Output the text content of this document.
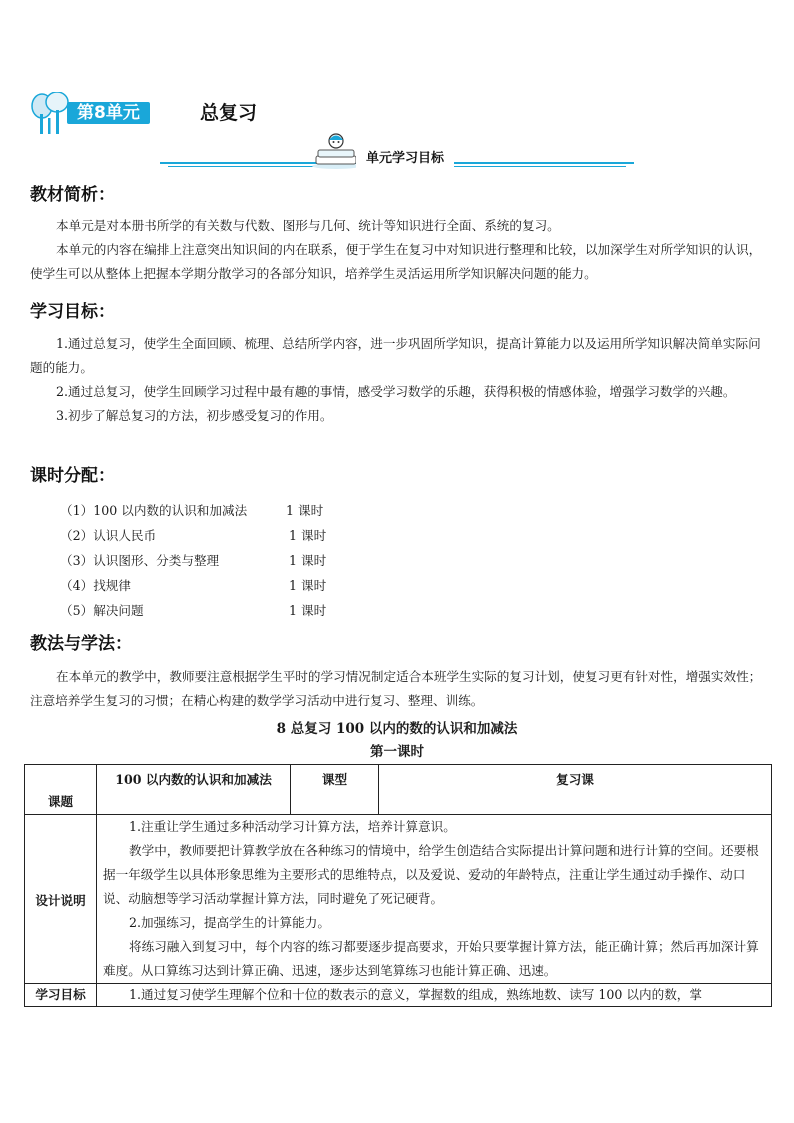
第8单元	总复习
单元学习目标
教材简析：

本单元是对本册书所学的有关数与代数、图形与几何、统计等知识进行全面、系统的复习。

本单元的内容在编排上注意突出知识间的内在联系，便于学生在复习中对知识进行整理和比较，以加深学生对所学知识的认识，使学生可以从整体上把握本学期分散学习的各部分知识，培养学生灵活运用所学知识解决问题的能力。

学习目标：

1.通过总复习，使学生全面回顾、梳理、总结所学内容，进一步巩固所学知识，提高计算能力以及运用所学知识解决简单实际问题的能力。

2.通过总复习，使学生回顾学习过程中最有趣的事情，感受学习数学的乐趣，获得积极的情感体验，增强学习数学的兴趣。

3.初步了解总复习的方法，初步感受复习的作用。

课时分配：
（1）100 以内数的认识和加减法	1 课时
（2）认识人民币	1 课时
（3）认识图形、分类与整理	1 课时
（4）找规律	1 课时
（5）解决问题	1 课时
教法与学法：

在本单元的教学中，教师要注意根据学生平时的学习情况制定适合本班学生实际的复习计划，使复习更有针对性，增强实效性；注意培养学生复习的习惯；在精心构建的数学学习活动中进行复习、整理、训练。

8 总复习 100 以内的数的认识和加减法
第一课时
课题	100 以内数的认识和加减法	课型	复习课
设计说明	1.注重让学生通过多种活动学习计算方法，培养计算意识。

教学中，教师要把计算教学放在各种练习的情境中，给学生创造结合实际提出计算问题和进行计算的空间。还要根据一年级学生以具体形象思维为主要形式的思维特点，以及爱说、爱动的年龄特点，注重让学生通过动手操作、动口说、动脑想等学习活动掌握计算方法，同时避免了死记硬背。

2.加强练习，提高学生的计算能力。

将练习融入到复习中，每个内容的练习都要逐步提高要求，开始只要掌握计算方法，能正确计算；然后再加深计算难度。从口算练习达到计算正确、迅速，逐步达到笔算练习也能计算正确、迅速。		

学习目标	1.通过复习使学生理解个位和十位的数表示的意义，掌握数的组成，熟练地数、读写 100 以内的数，掌		
